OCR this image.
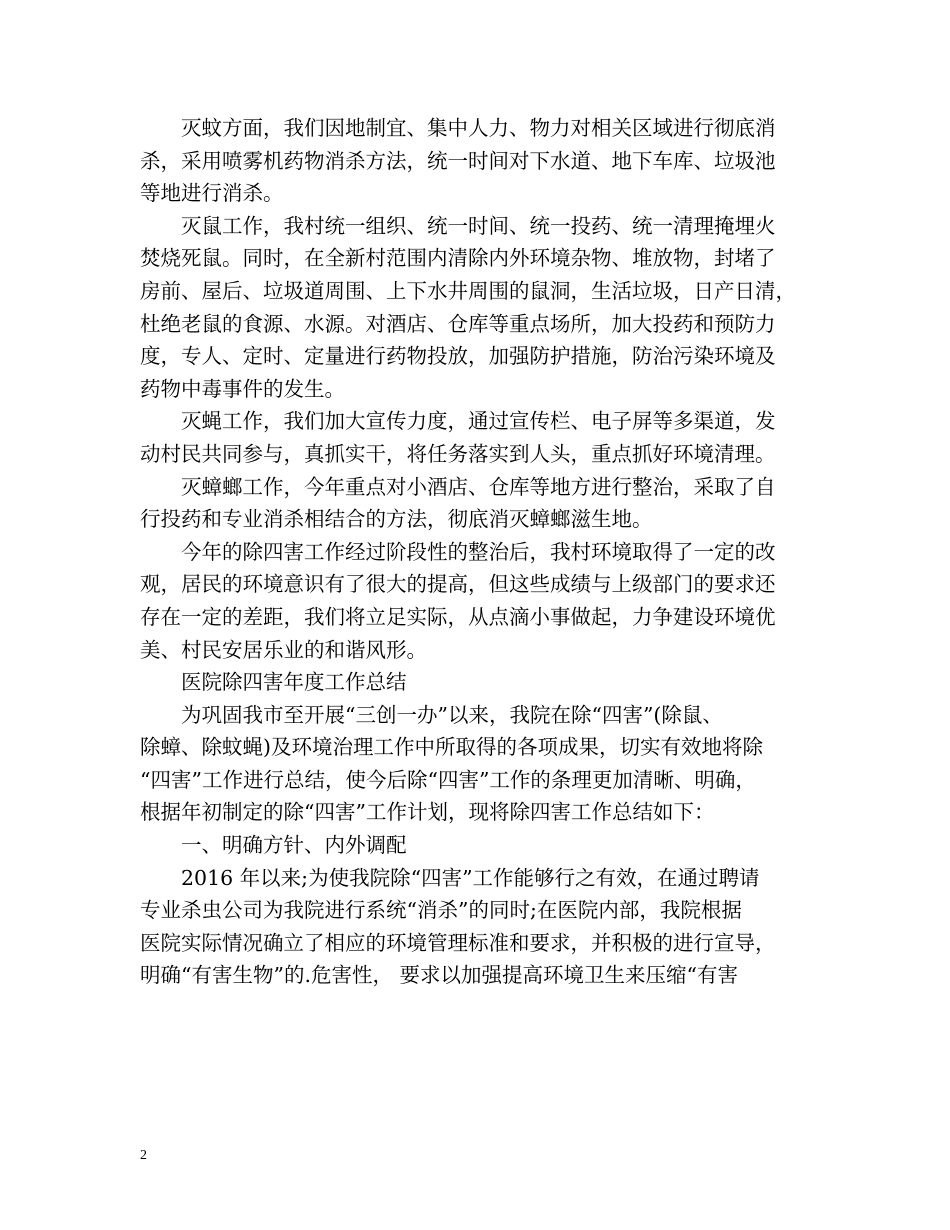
灭蚊方面，我们因地制宜、集中人力、物力对相关区域进行彻底消
杀，采用喷雾机药物消杀方法，统一时间对下水道、地下车库、垃圾池
等地进行消杀。
灭鼠工作，我村统一组织、统一时间、统一投药、统一清理掩埋火
焚烧死鼠。同时，在全新村范围内清除内外环境杂物、堆放物，封堵了
房前、屋后、垃圾道周围、上下水井周围的鼠洞，生活垃圾，日产日清，
杜绝老鼠的食源、水源。对酒店、仓库等重点场所，加大投药和预防力
度，专人、定时、定量进行药物投放，加强防护措施，防治污染环境及
药物中毒事件的发生。
灭蝇工作，我们加大宣传力度，通过宣传栏、电子屏等多渠道，发
动村民共同参与，真抓实干，将任务落实到人头，重点抓好环境清理。
灭蟑螂工作，今年重点对小酒店、仓库等地方进行整治，采取了自
行投药和专业消杀相结合的方法，彻底消灭蟑螂滋生地。
今年的除四害工作经过阶段性的整治后，我村环境取得了一定的改
观，居民的环境意识有了很大的提高，但这些成绩与上级部门的要求还
存在一定的差距，我们将立足实际，从点滴小事做起，力争建设环境优
美、村民安居乐业的和谐风形。
医院除四害年度工作总结
为巩固我市至开展“三创一办”以来，我院在除“四害”(除鼠、
除蟑、除蚊蝇)及环境治理工作中所取得的各项成果，切实有效地将除
“四害”工作进行总结，使今后除“四害”工作的条理更加清晰、明确，
根据年初制定的除“四害”工作计划，现将除四害工作总结如下：
一、明确方针、内外调配
2016 年以来;为使我院除“四害”工作能够行之有效，在通过聘请
专业杀虫公司为我院进行系统“消杀”的同时;在医院内部，我院根据
医院实际情况确立了相应的环境管理标准和要求，并积极的进行宣导，
明确“有害生物”的.危害性， 要求以加强提高环境卫生来压缩“有害
2
